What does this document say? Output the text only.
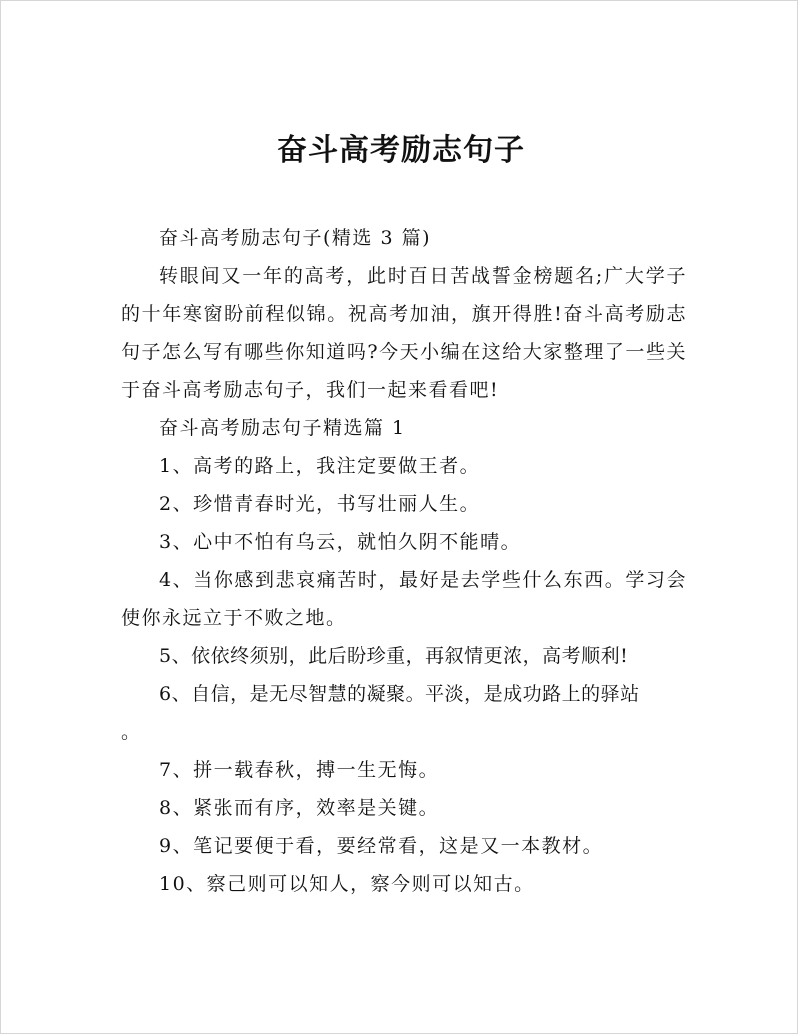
奋斗高考励志句子

奋斗高考励志句子(精选 3 篇)

转眼间又一年的高考，此时百日苦战誓金榜题名;广大学子的十年寒窗盼前程似锦。祝高考加油，旗开得胜!奋斗高考励志句子怎么写有哪些你知道吗?今天小编在这给大家整理了一些关于奋斗高考励志句子，我们一起来看看吧!

奋斗高考励志句子精选篇 1

1、高考的路上，我注定要做王者。

2、珍惜青春时光，书写壮丽人生。

3、心中不怕有乌云，就怕久阴不能晴。

4、当你感到悲哀痛苦时，最好是去学些什么东西。学习会使你永远立于不败之地。

5、依依终须别，此后盼珍重，再叙情更浓，高考顺利!

6、自信，是无尽智慧的凝聚。平淡，是成功路上的驿站

。

7、拼一载春秋，搏一生无悔。

8、紧张而有序，效率是关键。

9、笔记要便于看，要经常看，这是又一本教材。

10、察己则可以知人，察今则可以知古。
